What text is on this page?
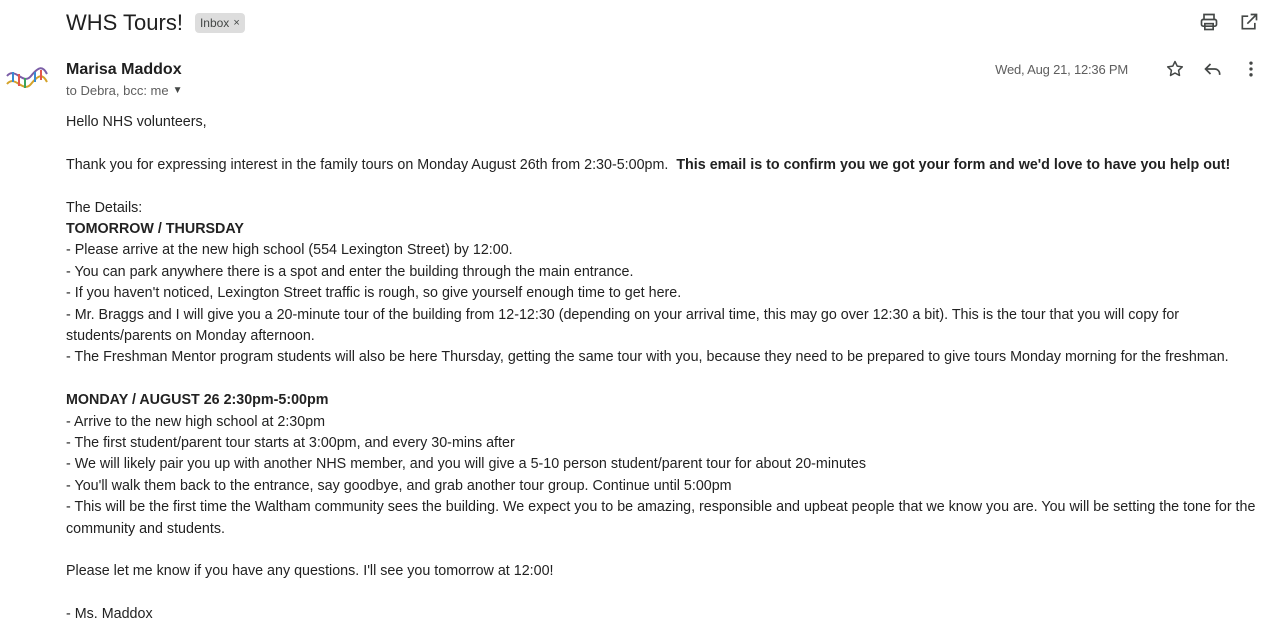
WHS Tours! Inbox ×
Marisa Maddox
to Debra, bcc: me ▼
Wed, Aug 21, 12:36 PM

Hello NHS volunteers,

Thank you for expressing interest in the family tours on Monday August 26th from 2:30-5:00pm. This email is to confirm you we got your form and we'd love to have you help out!

The Details:

TOMORROW / THURSDAY

- Please arrive at the new high school (554 Lexington Street) by 12:00.

- You can park anywhere there is a spot and enter the building through the main entrance.

- If you haven't noticed, Lexington Street traffic is rough, so give yourself enough time to get here.

- Mr. Braggs and I will give you a 20-minute tour of the building from 12-12:30 (depending on your arrival time, this may go over 12:30 a bit). This is the tour that you will copy for students/parents on Monday afternoon.

- The Freshman Mentor program students will also be here Thursday, getting the same tour with you, because they need to be prepared to give tours Monday morning for the freshman.

MONDAY / AUGUST 26 2:30pm-5:00pm

- Arrive to the new high school at 2:30pm

- The first student/parent tour starts at 3:00pm, and every 30-mins after

- We will likely pair you up with another NHS member, and you will give a 5-10 person student/parent tour for about 20-minutes

- You'll walk them back to the entrance, say goodbye, and grab another tour group. Continue until 5:00pm

- This will be the first time the Waltham community sees the building. We expect you to be amazing, responsible and upbeat people that we know you are. You will be setting the tone for the community and students.

Please let me know if you have any questions. I'll see you tomorrow at 12:00!

- Ms. Maddox
